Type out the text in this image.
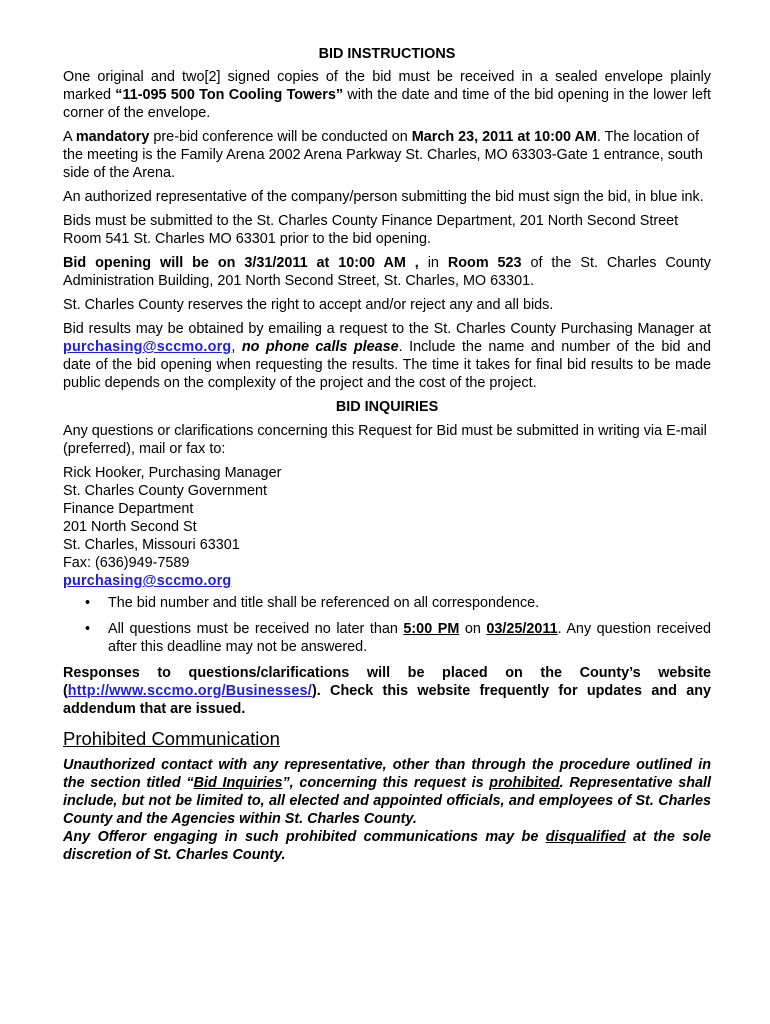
BID INSTRUCTIONS

One original and two[2] signed copies of the bid must be received in a sealed envelope plainly marked “11-095 500 Ton Cooling Towers” with the date and time of the bid opening in the lower left corner of the envelope.

A mandatory pre-bid conference will be conducted on March 23, 2011 at 10:00 AM. The location of the meeting is the Family Arena 2002 Arena Parkway St. Charles, MO 63303-Gate 1 entrance, south side of the Arena.

An authorized representative of the company/person submitting the bid must sign the bid, in blue ink.

Bids must be submitted to the St. Charles County Finance Department, 201 North Second Street Room 541 St. Charles MO 63301 prior to the bid opening.

Bid opening will be on 3/31/2011 at 10:00 AM , in Room 523 of the St. Charles County Administration Building, 201 North Second Street, St. Charles, MO 63301.

St. Charles County reserves the right to accept and/or reject any and all bids.

Bid results may be obtained by emailing a request to the St. Charles County Purchasing Manager at purchasing@sccmo.org, no phone calls please. Include the name and number of the bid and date of the bid opening when requesting the results. The time it takes for final bid results to be made public depends on the complexity of the project and the cost of the project.

BID INQUIRIES

Any questions or clarifications concerning this Request for Bid must be submitted in writing via E-mail (preferred), mail or fax to:

Rick Hooker, Purchasing Manager
St. Charles County Government
Finance Department
201 North Second St
St. Charles, Missouri 63301
Fax: (636)949-7589
purchasing@sccmo.org
• The bid number and title shall be referenced on all correspondence.
• All questions must be received no later than 5:00 PM on 03/25/2011. Any question received after this deadline may not be answered.

Responses to questions/clarifications will be placed on the County’s website (http://www.sccmo.org/Businesses/). Check this website frequently for updates and any addendum that are issued.

Prohibited Communication

Unauthorized contact with any representative, other than through the procedure outlined in the section titled “Bid Inquiries”, concerning this request is prohibited. Representative shall include, but not be limited to, all elected and appointed officials, and employees of St. Charles County and the Agencies within St. Charles County.

Any Offeror engaging in such prohibited communications may be disqualified at the sole discretion of St. Charles County.
